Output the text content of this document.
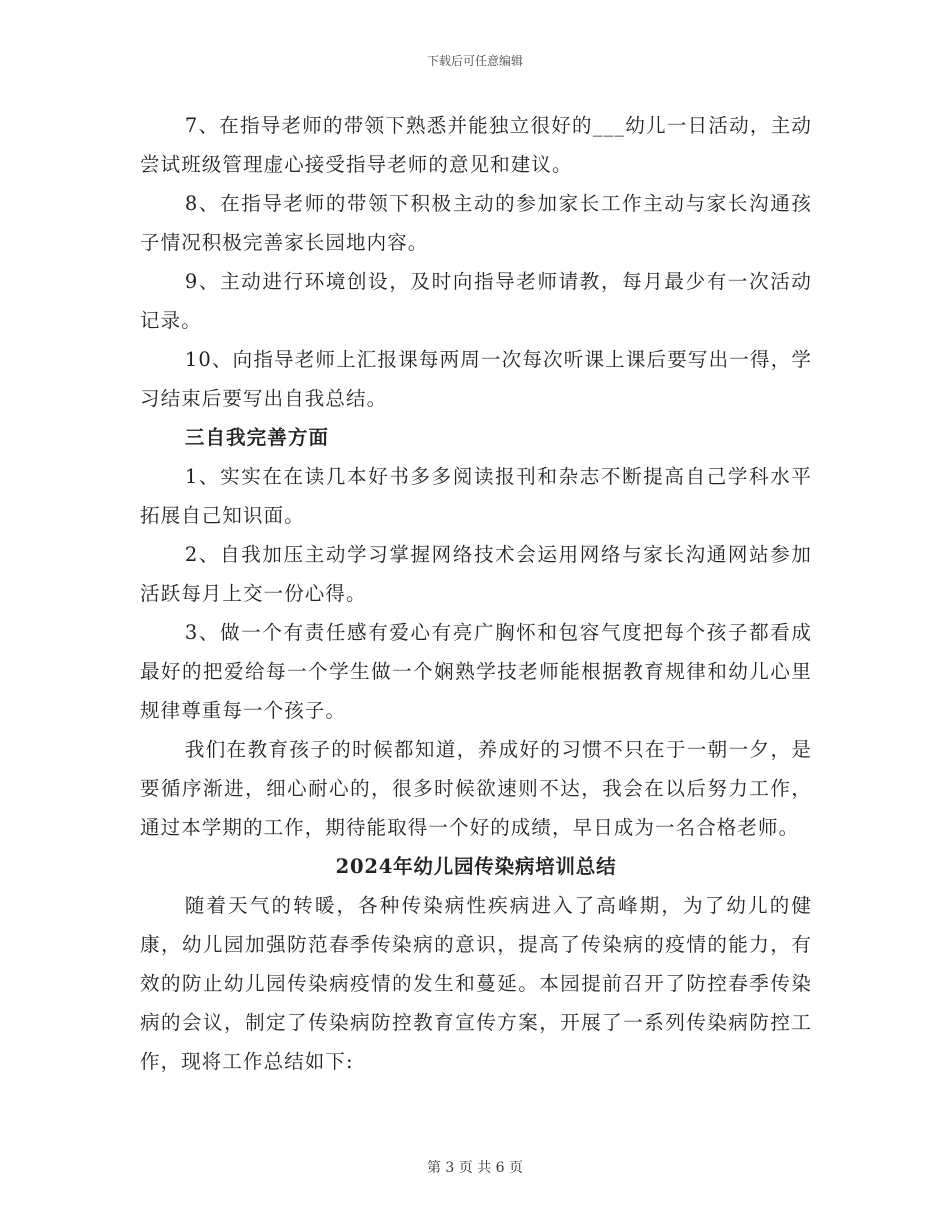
下载后可任意编辑

7、在指导老师的带领下熟悉并能独立很好的___幼儿一日活动，主动尝试班级管理虚心接受指导老师的意见和建议。

8、在指导老师的带领下积极主动的参加家长工作主动与家长沟通孩子情况积极完善家长园地内容。

9、主动进行环境创设，及时向指导老师请教，每月最少有一次活动记录。

10、向指导老师上汇报课每两周一次每次听课上课后要写出一得，学习结束后要写出自我总结。

三自我完善方面

1、实实在在读几本好书多多阅读报刊和杂志不断提高自己学科水平拓展自己知识面。

2、自我加压主动学习掌握网络技术会运用网络与家长沟通网站参加活跃每月上交一份心得。

3、做一个有责任感有爱心有亮广胸怀和包容气度把每个孩子都看成最好的把爱给每一个学生做一个娴熟学技老师能根据教育规律和幼儿心里规律尊重每一个孩子。

我们在教育孩子的时候都知道，养成好的习惯不只在于一朝一夕，是要循序渐进，细心耐心的，很多时候欲速则不达，我会在以后努力工作，通过本学期的工作，期待能取得一个好的成绩，早日成为一名合格老师。

2024年幼儿园传染病培训总结

随着天气的转暖，各种传染病性疾病进入了高峰期，为了幼儿的健康，幼儿园加强防范春季传染病的意识，提高了传染病的疫情的能力，有效的防止幼儿园传染病疫情的发生和蔓延。本园提前召开了防控春季传染病的会议，制定了传染病防控教育宣传方案，开展了一系列传染病防控工作，现将工作总结如下:

第 3 页 共 6 页
